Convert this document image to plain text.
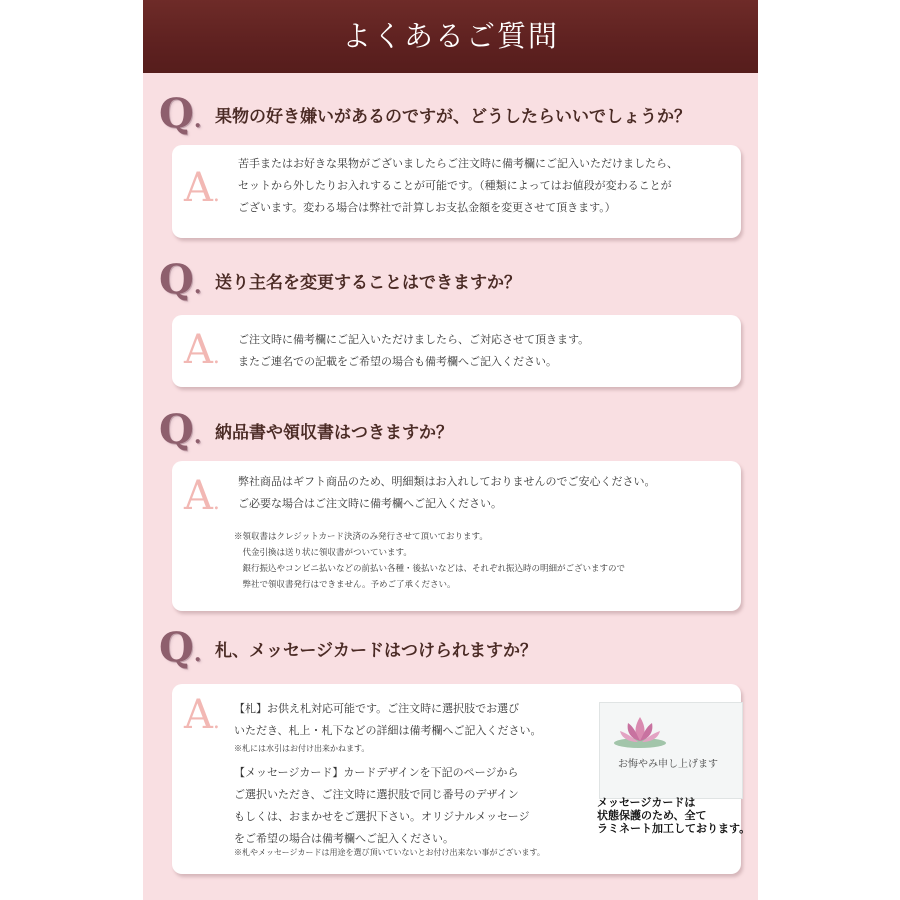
よくあるご質問
Q. 果物の好き嫌いがあるのですが、どうしたらいいでしょうか？
A.
苦手またはお好きな果物がございましたらご注文時に備考欄にご記入いただけましたら、
セットから外したりお入れすることが可能です。（種類によってはお値段が変わることが
ございます。変わる場合は弊社で計算しお支払金額を変更させて頂きます。）
Q. 送り主名を変更することはできますか？
A.
ご注文時に備考欄にご記入いただけましたら、ご対応させて頂きます。
またご連名での記載をご希望の場合も備考欄へご記入ください。
Q. 納品書や領収書はつきますか？
A.
弊社商品はギフト商品のため、明細類はお入れしておりませんのでご安心ください。
ご必要な場合はご注文時に備考欄へご記入ください。
※領収書はクレジットカード決済のみ発行させて頂いております。
　代金引換は送り状に領収書がついています。
　銀行振込やコンビニ払いなどの前払い各種・後払いなどは、それぞれ振込時の明細がございますので
　弊社で領収書発行はできません。予めご了承ください。
Q. 札、メッセージカードはつけられますか？
A.
【札】お供え札対応可能です。ご注文時に選択肢でお選び
いただき、札上・札下などの詳細は備考欄へご記入ください。
※札には水引はお付け出来かねます。
【メッセージカード】カードデザインを下記のページから
ご選択いただき、ご注文時に選択肢で同じ番号のデザイン
もしくは、おまかせをご選択下さい。オリジナルメッセージ
をご希望の場合は備考欄へご記入ください。
※札やメッセージカードは用途を選び頂いていないとお付け出来ない事がございます。
お悔やみ申し上げます
メッセージカードは
状態保護のため、全て
ラミネート加工しております。
